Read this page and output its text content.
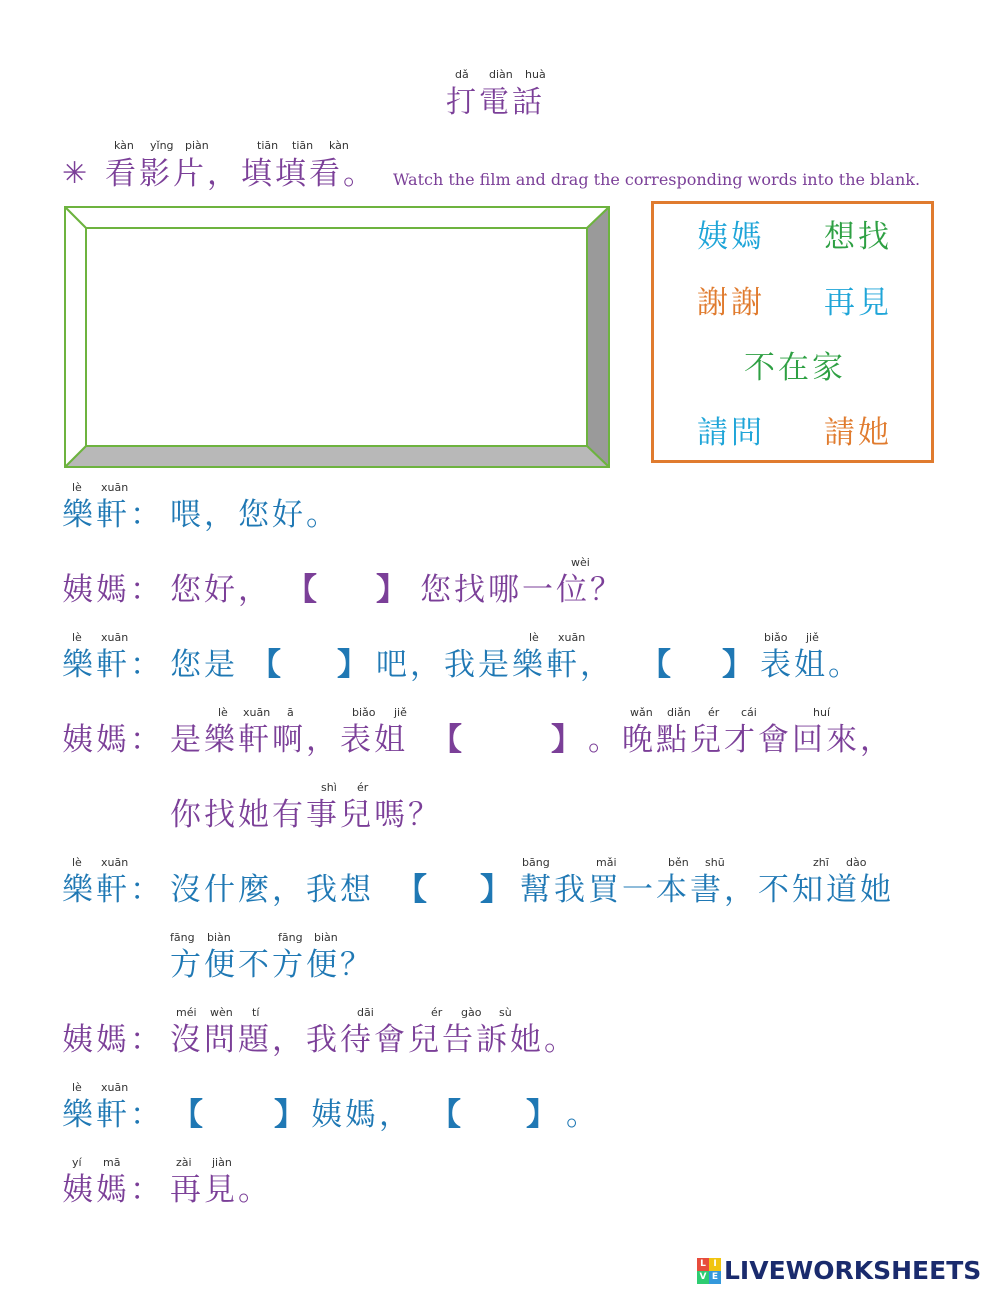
dǎ diàn huà
打電話
kàn yǐng piàn	tiān tiān kàn
✳ 看影片，填填看。 Watch the film and drag the corresponding words into the blank.
姨媽 想找
謝謝 再見
不在家
請問 請她
lè xuān
樂軒： 喂，您好。
wèi
姨媽： 您好， 【 】 您找哪一位？
lè xuān	lè xuān	biǎo jiě
樂軒： 您是 【 】 吧，我是樂軒， 【 】 表姐。
lè xuān ā	biǎo jiě	wǎn diǎn ér cái	huí
姨媽： 是樂軒啊，表姐 【	】 。晚點兒才會回來，
shì ér
你找她有事兒嗎？
lè xuān	bāng	mǎi	běn shū	zhī dào
樂軒： 沒什麼，我想 【 】 幫我買一本書，不知道她
fāng biàn	fāng biàn
方便不方便？
méi wèn tí	dāi	ér gào sù
姨媽： 沒問題，我待會兒告訴她。
lè xuān
樂軒： 【 】 姨媽， 【 】 。
yí mā	zài jiàn
姨媽： 再見。
L I
V E LIVEWORKSHEETS
